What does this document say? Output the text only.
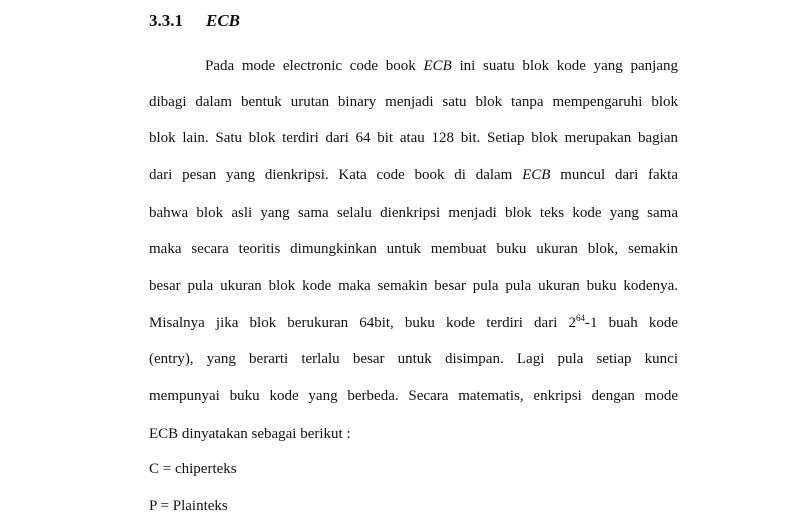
3.3.1 ECB
Pada mode electronic code book ECB ini suatu blok kode yang panjang
dibagi dalam bentuk urutan binary menjadi satu blok tanpa mempengaruhi blok
blok lain. Satu blok terdiri dari 64 bit atau 128 bit. Setiap blok merupakan bagian
dari pesan yang dienkripsi. Kata code book di dalam ECB muncul dari fakta
bahwa blok asli yang sama selalu dienkripsi menjadi blok teks kode yang sama
maka secara teoritis dimungkinkan untuk membuat buku ukuran blok, semakin
besar pula ukuran blok kode maka semakin besar pula pula ukuran buku kodenya.
Misalnya jika blok berukuran 64bit, buku kode terdiri dari $2^{64}-1$ buah kode
(entry), yang berarti terlalu besar untuk disimpan. Lagi pula setiap kunci
mempunyai buku kode yang berbeda. Secara matematis, enkripsi dengan mode
ECB dinyatakan sebagai berikut :
C = chiperteks
P = Plainteks
